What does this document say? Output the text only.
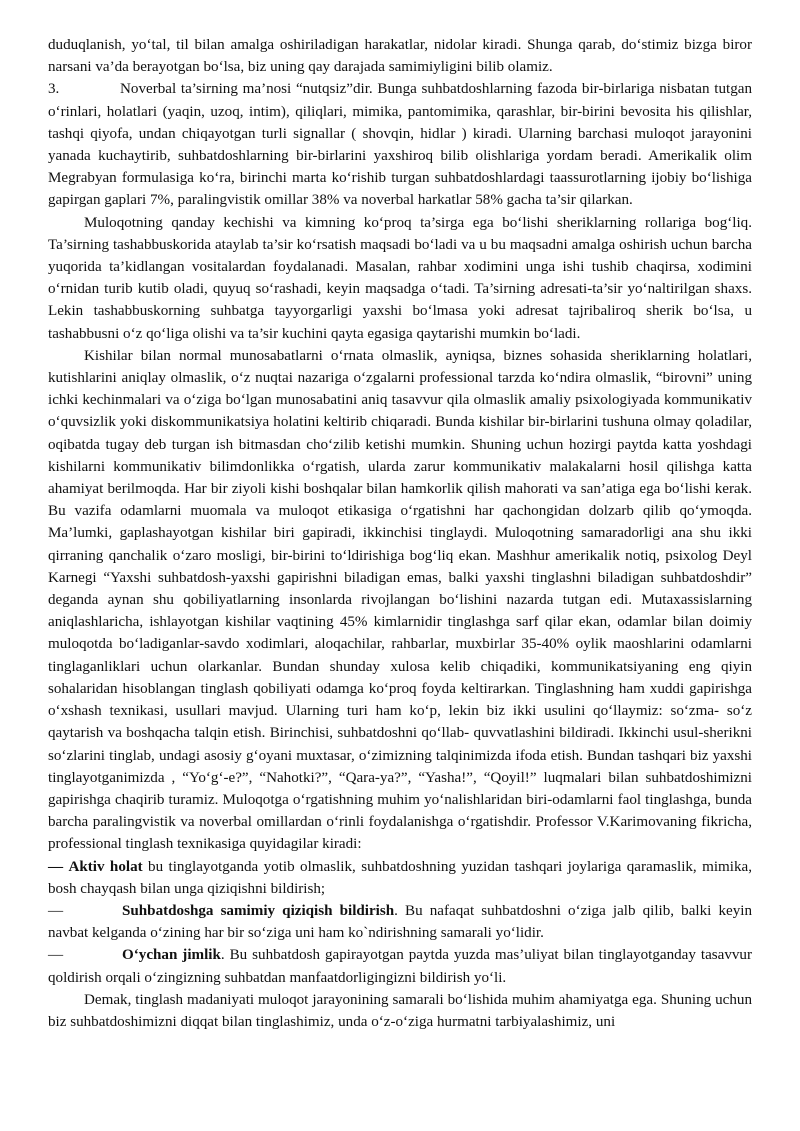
duduqlanish, yo‘tal, til bilan amalga oshiriladigan harakatlar, nidolar kiradi. Shunga qarab, do‘stimiz bizga biror narsani va’da berayotgan bo‘lsa, biz uning qay darajada samimiyligini bilib olamiz.

3.	Noverbal ta’sirning ma’nosi “nutqsiz”dir. Bunga suhbatdoshlarning fazoda bir-birlariga nisbatan tutgan o‘rinlari, holatlari (yaqin, uzoq, intim), qiliqlari, mimika, pantomimika, qarashlar, bir-birini bevosita his qilishlar, tashqi qiyofa, undan chiqayotgan turli signallar ( shovqin, hidlar ) kiradi. Ularning barchasi muloqot jarayonini yanada kuchaytirib, suhbatdoshlarning bir-birlarini yaxshiroq bilib olishlariga yordam beradi. Amerikalik olim Megrabyan formulasiga ko‘ra, birinchi marta ko‘rishib turgan suhbatdoshlardagi taassurotlarning ijobiy bo‘lishiga gapirgan gaplari 7%, paralingvistik omillar 38% va noverbal harkatlar 58% gacha ta’sir qilarkan.

Muloqotning qanday kechishi va kimning ko‘proq ta’sirga ega bo‘lishi sheriklarning rollariga bog‘liq. Ta’sirning tashabbuskorida ataylab ta’sir ko‘rsatish maqsadi bo‘ladi va u bu maqsadni amalga oshirish uchun barcha yuqorida ta’kidlangan vositalardan foydalanadi. Masalan, rahbar xodimini unga ishi tushib chaqirsa, xodimini o‘rnidan turib kutib oladi, quyuq so‘rashadi, keyin maqsadga o‘tadi. Ta’sirning adresati-ta’sir yo‘naltirilgan shaxs. Lekin tashabbuskorning suhbatga tayyorgarligi yaxshi bo‘lmasa yoki adresat tajribaliroq sherik bo‘lsa, u tashabbusni o‘z qo‘liga olishi va ta’sir kuchini qayta egasiga qaytarishi mumkin bo‘ladi.

Kishilar bilan normal munosabatlarni o‘rnata olmaslik, ayniqsa, biznes sohasida sheriklarning holatlari, kutishlarini aniqlay olmaslik, o‘z nuqtai nazariga o‘zgalarni professional tarzda ko‘ndira olmaslik, “birovni” uning ichki kechinmalari va o‘ziga bo‘lgan munosabatini aniq tasavvur qila olmaslik amaliy psixologiyada kommunikativ o‘quvsizlik yoki diskommunikatsiya holatini keltirib chiqaradi. Bunda kishilar bir-birlarini tushuna olmay qoladilar, oqibatda tugay deb turgan ish bitmasdan cho‘zilib ketishi mumkin. Shuning uchun hozirgi paytda katta yoshdagi kishilarni kommunikativ bilimdonlikka o‘rgatish, ularda zarur kommunikativ malakalarni hosil qilishga katta ahamiyat berilmoqda. Har bir ziyoli kishi boshqalar bilan hamkorlik qilish mahorati va san’atiga ega bo‘lishi kerak. Bu vazifa odamlarni muomala va muloqot etikasiga o‘rgatishni har qachongidan dolzarb qilib qo‘ymoqda. Ma’lumki, gaplashayotgan kishilar biri gapiradi, ikkinchisi tinglaydi. Muloqotning samaradorligi ana shu ikki qirraning qanchalik o‘zaro mosligi, bir-birini to‘ldirishiga bog‘liq ekan. Mashhur amerikalik notiq, psixolog Deyl Karnegi “Yaxshi suhbatdosh-yaxshi gapirishni biladigan emas, balki yaxshi tinglashni biladigan suhbatdoshdir” deganda aynan shu qobiliyatlarning insonlarda rivojlangan bo‘lishini nazarda tutgan edi. Mutaxassislarning aniqlashlaricha, ishlayotgan kishilar vaqtining 45% kimlarnidir tinglashga sarf qilar ekan, odamlar bilan doimiy muloqotda bo‘ladiganlar-savdo xodimlari, aloqachilar, rahbarlar, muxbirlar 35-40% oylik maoshlarini odamlarni tinglaganliklari uchun olarkanlar. Bundan shunday xulosa kelib chiqadiki, kommunikatsiyaning eng qiyin sohalaridan hisoblangan tinglash qobiliyati odamga ko‘proq foyda keltirarkan. Tinglashning ham xuddi gapirishga o‘xshash texnikasi, usullari mavjud. Ularning turi ham ko‘p, lekin biz ikki usulini qo‘llaymiz: so‘zma- so‘z qaytarish va boshqacha talqin etish. Birinchisi, suhbatdoshni qo‘llab- quvvatlashini bildiradi. Ikkinchi usul-sherikni so‘zlarini tinglab, undagi asosiy g‘oyani muxtasar, o‘zimizning talqinimizda ifoda etish. Bundan tashqari biz yaxshi tinglayotganimizda , “Yo‘g‘-e?”, “Nahotki?”, “Qara-ya?”, “Yasha!”, “Qoyil!” luqmalari bilan suhbatdoshimizni gapirishga chaqirib turamiz. Muloqotga o‘rgatishning muhim yo‘nalishlaridan biri-odamlarni faol tinglashga, bunda barcha paralingvistik va noverbal omillardan o‘rinli foydalanishga o‘rgatishdir. Professor V.Karimovaning fikricha, professional tinglash texnikasiga quyidagilar kiradi:

— Aktiv holat bu tinglayotganda yotib olmaslik, suhbatdoshning yuzidan tashqari joylariga qaramaslik, mimika, bosh chayqash bilan unga qiziqishni bildirish;

—	Suhbatdoshga samimiy qiziqish bildirish. Bu nafaqat suhbatdoshni o‘ziga jalb qilib, balki keyin navbat kelganda o‘zining har bir so‘ziga uni ham ko`ndirishning samarali yo‘lidir.

—	O‘ychan jimlik. Bu suhbatdosh gapirayotgan paytda yuzda mas’uliyat bilan tinglayotganday tasavvur qoldirish orqali o‘zingizning suhbatdan manfaatdorligingizni bildirish yo‘li.

Demak, tinglash madaniyati muloqot jarayonining samarali bo‘lishida muhim ahamiyatga ega. Shuning uchun biz suhbatdoshimizni diqqat bilan tinglashimiz, unda o‘z-o‘ziga hurmatni tarbiyalashimiz, uni
